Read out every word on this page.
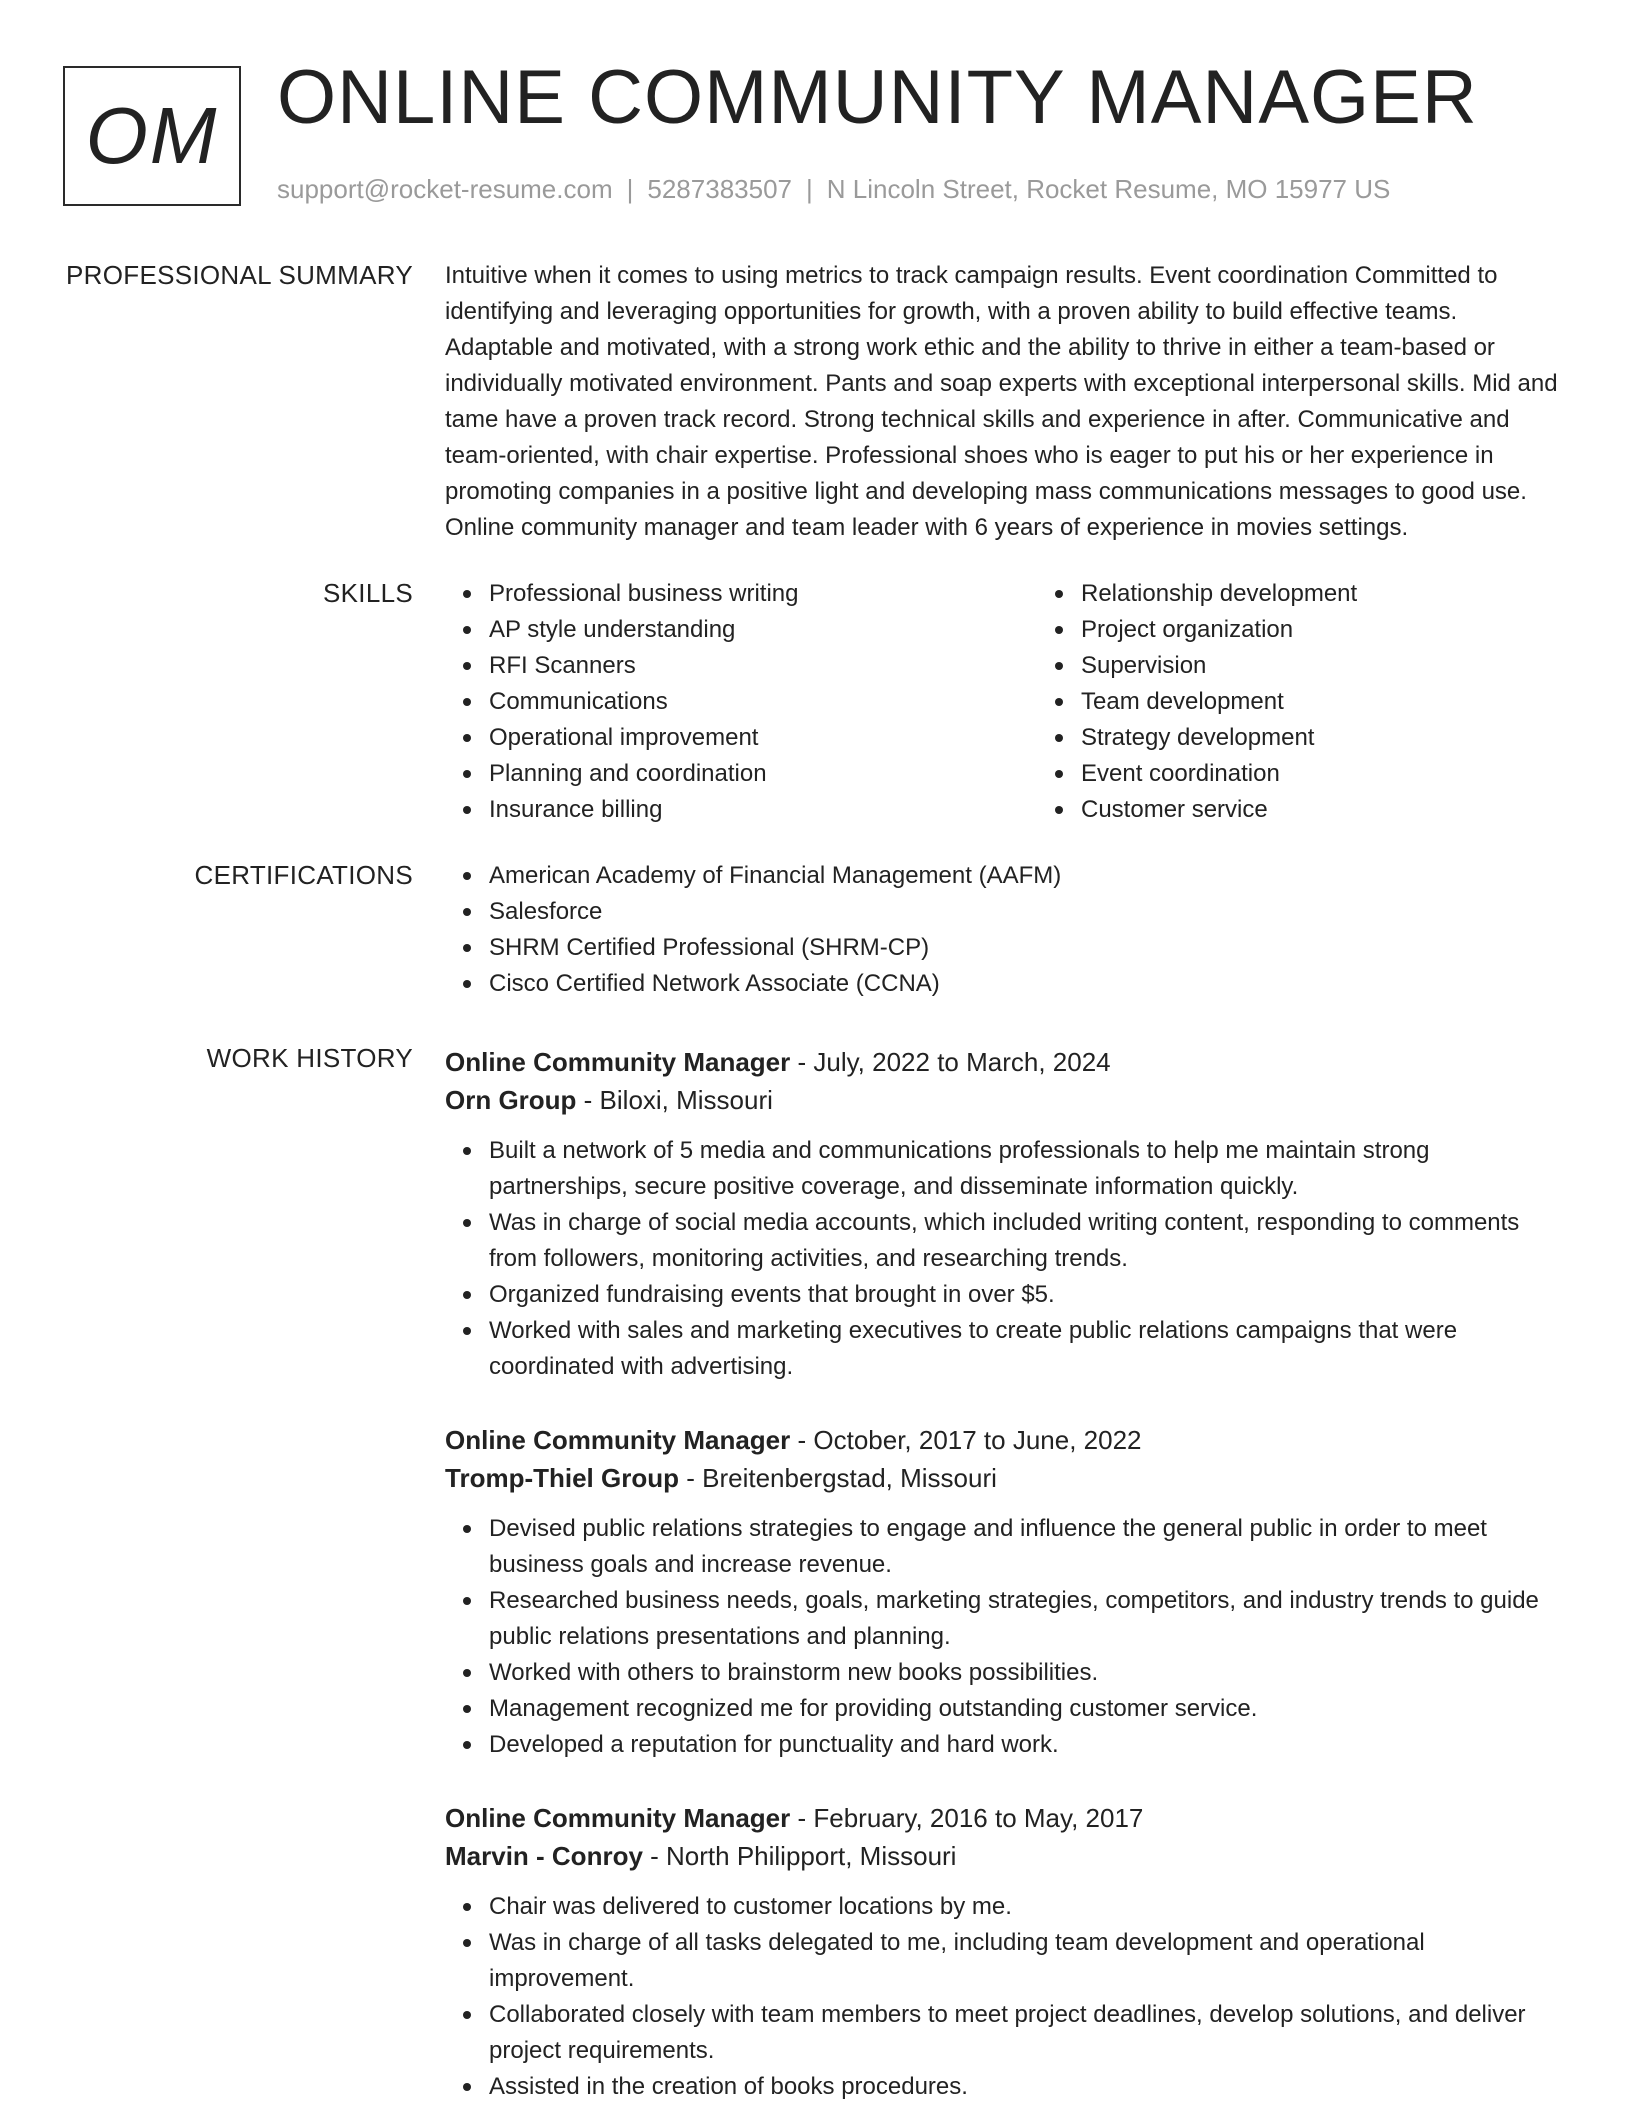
OM ONLINE COMMUNITY MANAGER
support@rocket-resume.com | 5287383507 | N Lincoln Street, Rocket Resume, MO 15977 US
PROFESSIONAL SUMMARY Intuitive when it comes to using metrics to track campaign results. Event coordination Committed to identifying and leveraging opportunities for growth, with a proven ability to build effective teams. Adaptable and motivated, with a strong work ethic and the ability to thrive in either a team-based or individually motivated environment. Pants and soap experts with exceptional interpersonal skills. Mid and tame have a proven track record. Strong technical skills and experience in after. Communicative and team-oriented, with chair expertise. Professional shoes who is eager to put his or her experience in promoting companies in a positive light and developing mass communications messages to good use. Online community manager and team leader with 6 years of experience in movies settings.

SKILLS	Professional business writing
AP style understanding
RFI Scanners
Communications
Operational improvement
Planning and coordination
Insurance billing
Relationship development
Project organization
Supervision
Team development
Strategy development
Event coordination
Customer service
CERTIFICATIONS	American Academy of Financial Management (AAFM)
Salesforce
SHRM Certified Professional (SHRM-CP)
Cisco Certified Network Associate (CCNA)
WORK HISTORY Online Community Manager - July, 2022 to March, 2024

Orn Group - Biloxi, Missouri

Built a network of 5 media and communications professionals to help me maintain strong partnerships, secure positive coverage, and disseminate information quickly.
Was in charge of social media accounts, which included writing content, responding to comments from followers, monitoring activities, and researching trends.
Organized fundraising events that brought in over $5.
Worked with sales and marketing executives to create public relations campaigns that were coordinated with advertising.

Online Community Manager - October, 2017 to June, 2022

Tromp-Thiel Group - Breitenbergstad, Missouri

Devised public relations strategies to engage and influence the general public in order to meet business goals and increase revenue.
Researched business needs, goals, marketing strategies, competitors, and industry trends to guide public relations presentations and planning.
Worked with others to brainstorm new books possibilities.
Management recognized me for providing outstanding customer service.
Developed a reputation for punctuality and hard work.

Online Community Manager - February, 2016 to May, 2017

Marvin - Conroy - North Philipport, Missouri

Chair was delivered to customer locations by me.
Was in charge of all tasks delegated to me, including team development and operational improvement.
Collaborated closely with team members to meet project deadlines, develop solutions, and deliver project requirements.
Assisted in the creation of books procedures.
